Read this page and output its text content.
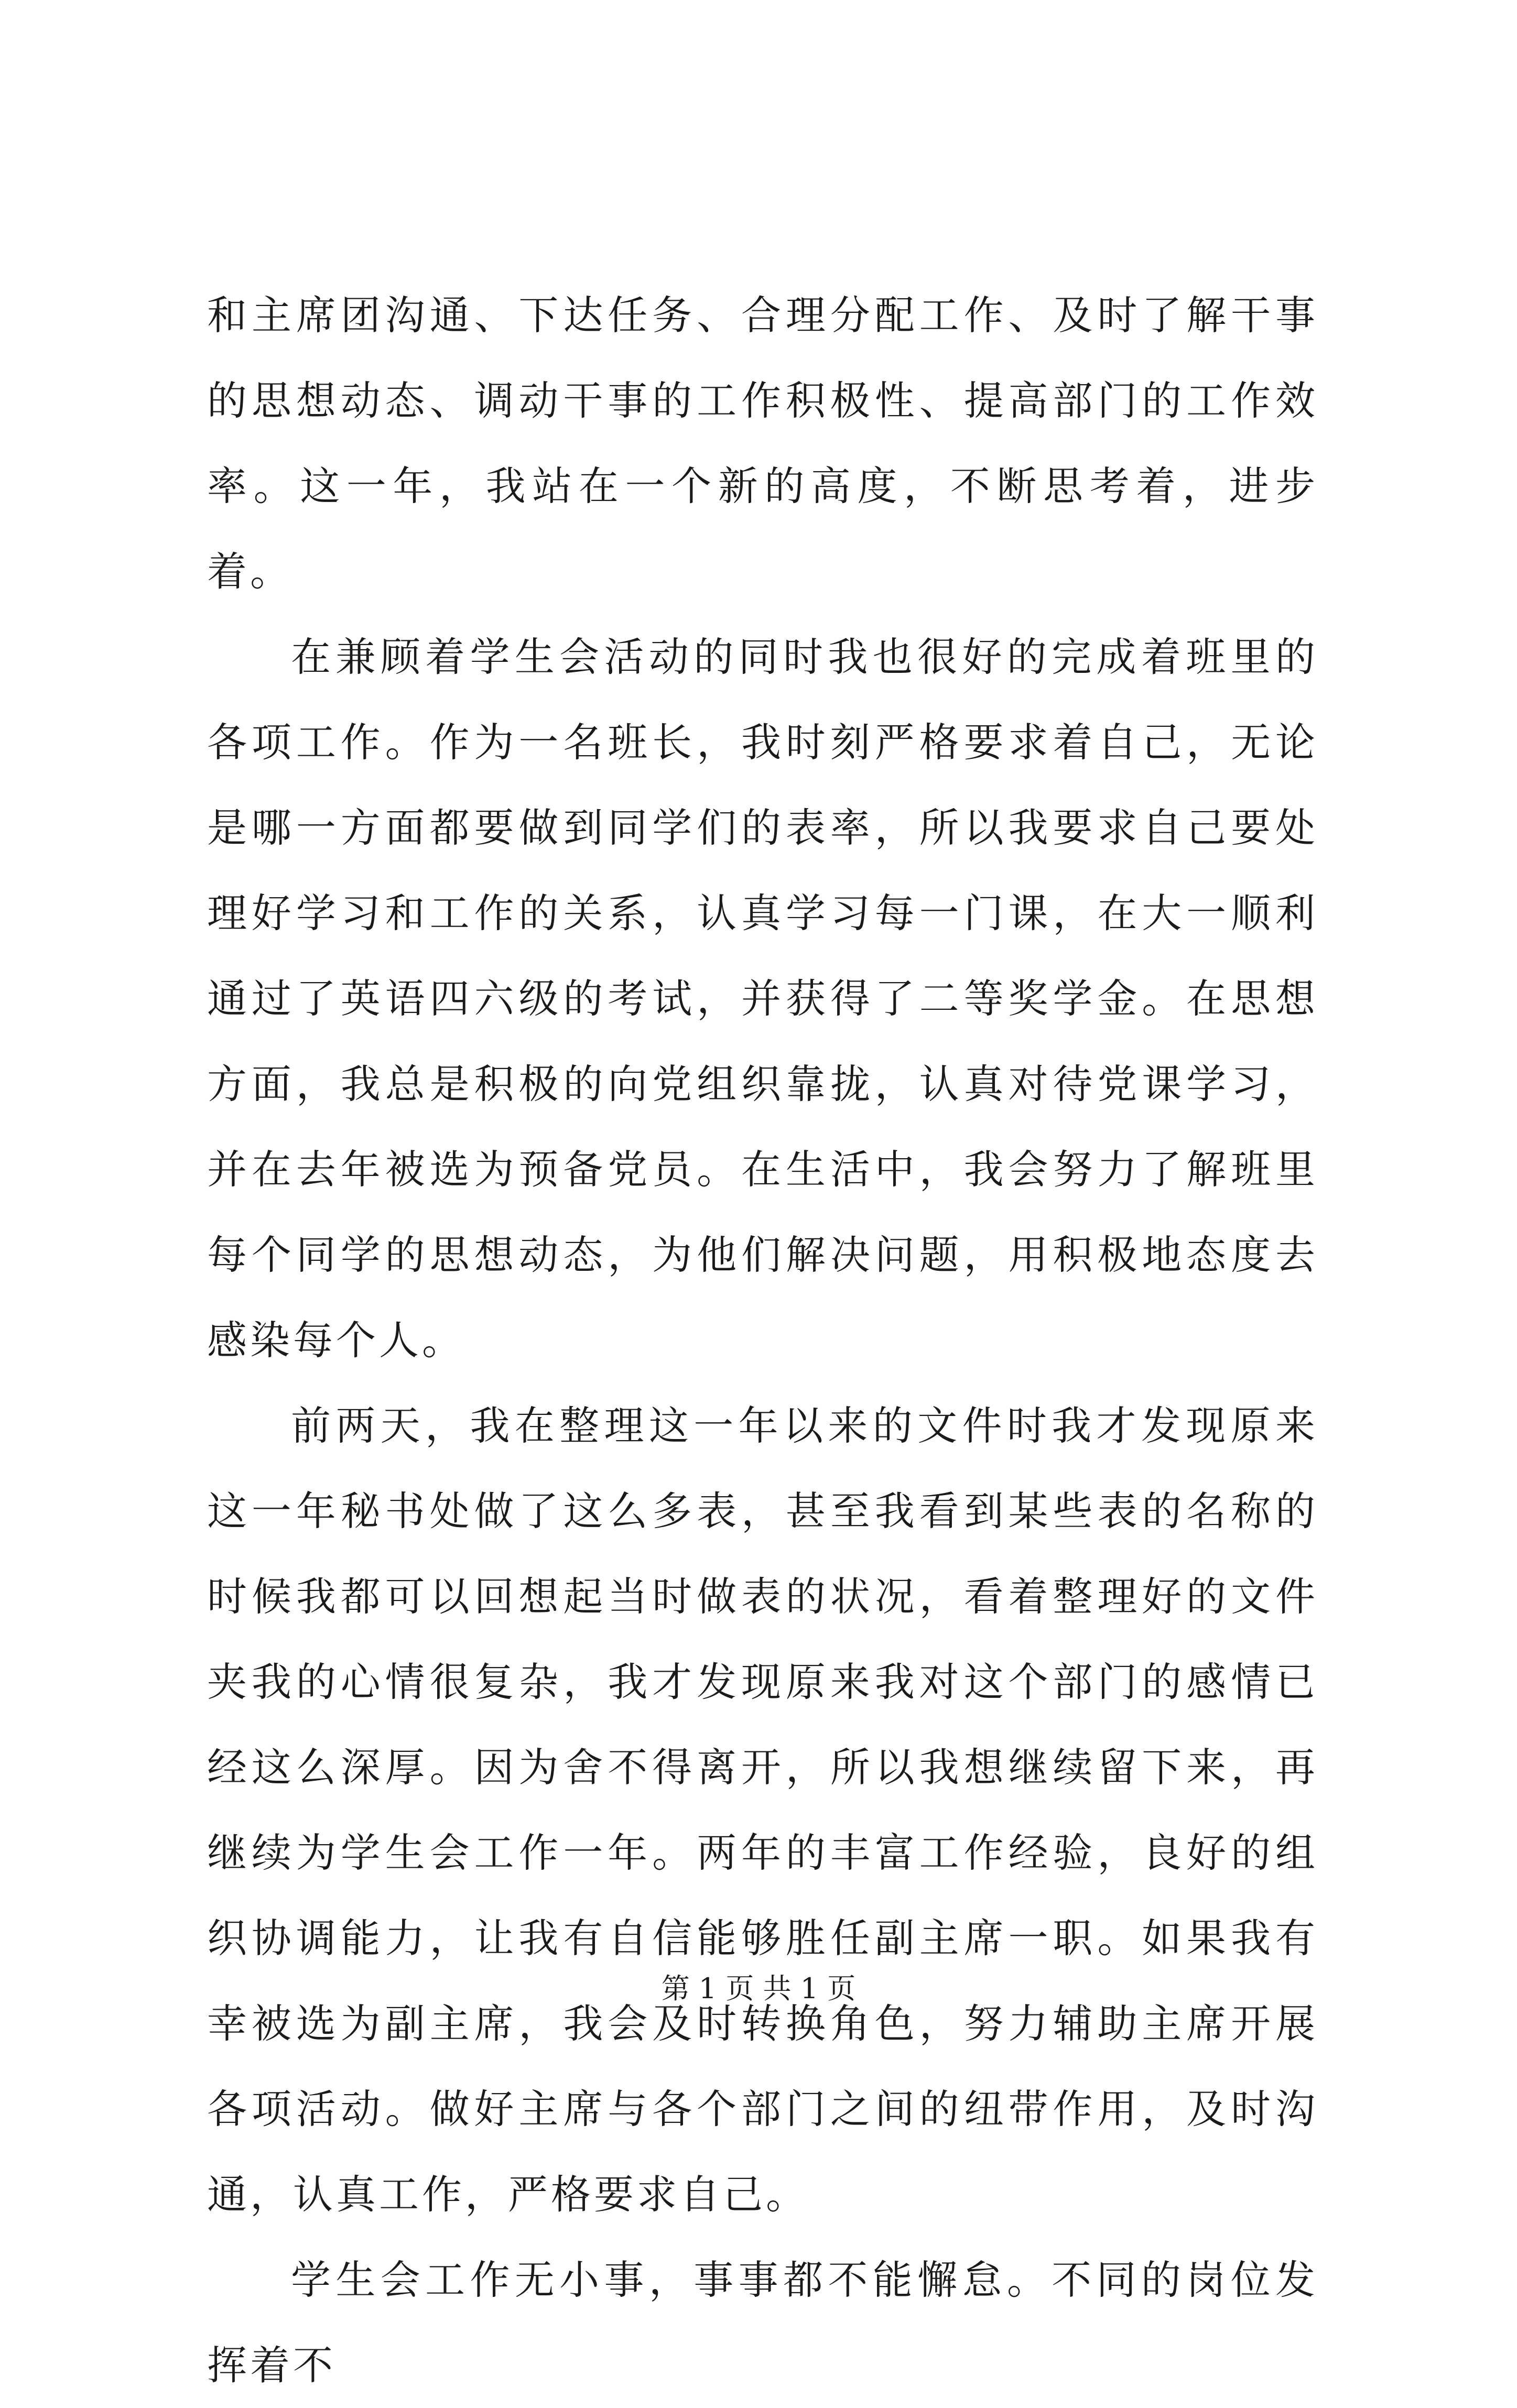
和主席团沟通、下达任务、合理分配工作、及时了解干事的思想动态、调动干事的工作积极性、提高部门的工作效率。这一年，我站在一个新的高度，不断思考着，进步着。

在兼顾着学生会活动的同时我也很好的完成着班里的各项工作。作为一名班长，我时刻严格要求着自己，无论是哪一方面都要做到同学们的表率，所以我要求自己要处理好学习和工作的关系，认真学习每一门课，在大一顺利通过了英语四六级的考试，并获得了二等奖学金。在思想方面，我总是积极的向党组织靠拢，认真对待党课学习，并在去年被选为预备党员。在生活中，我会努力了解班里每个同学的思想动态，为他们解决问题，用积极地态度去感染每个人。

前两天，我在整理这一年以来的文件时我才发现原来这一年秘书处做了这么多表，甚至我看到某些表的名称的时候我都可以回想起当时做表的状况，看着整理好的文件夹我的心情很复杂，我才发现原来我对这个部门的感情已经这么深厚。因为舍不得离开，所以我想继续留下来，再继续为学生会工作一年。两年的丰富工作经验，良好的组织协调能力，让我有自信能够胜任副主席一职。如果我有幸被选为副主席，我会及时转换角色，努力辅助主席开展各项活动。做好主席与各个部门之间的纽带作用，及时沟通，认真工作，严格要求自己。

学生会工作无小事，事事都不能懈怠。不同的岗位发挥着不

第 1 页 共 1 页
